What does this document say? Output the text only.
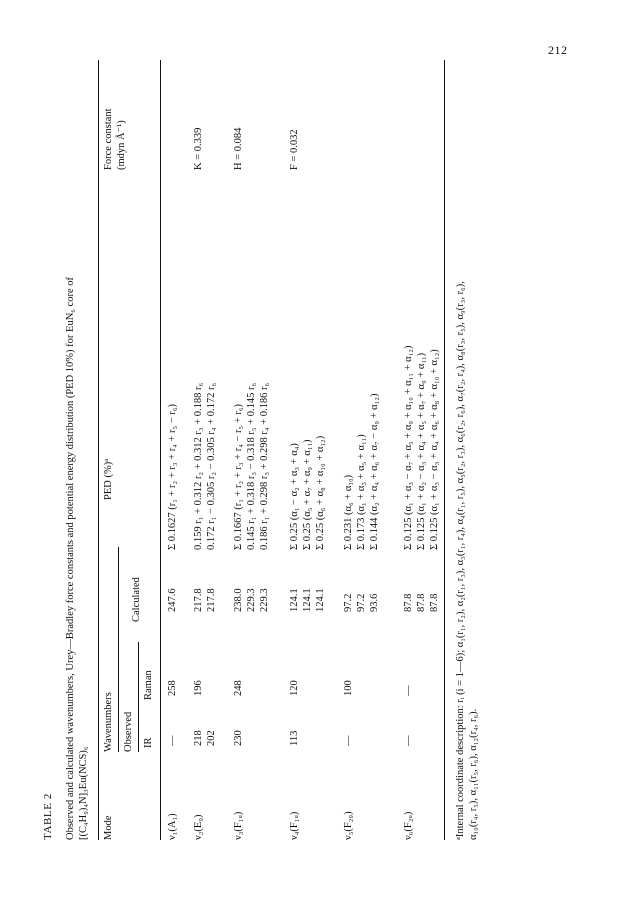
212
TABLE 2 Observed and calculated wavenumbers, Urey—Bradley force constants and potential energy distribution (PED 10%) for EuN₆ core of [(C₄H₉)₄N]₃Eu(NCS)₆ Mode
Wavenumbers Observed IR
Raman
Calculated
PED (%)ᵃ
Force constant (mdyn Å⁻¹)
ν₁(A₁)
—
258
247.6
Σ 0.1627 (r₁ + r₂ + r₃ + r₄ + r₅ − r₆)
ν₂(E₉)
218 202
196
217.8 217.8
0.159 r₁ + 0.312 r₂ + 0.312 r₃ + 0.188 r₆ 0.172 r₁ − 0.305 r₂ − 0.305 r₄ + 0.172 r₆
K = 0.339
ν₃(F₁ᵤ)
230
248
238.0 229.3 229.3
Σ 0.1667 (r₁ + r₂ + r₃ + r₄ − r₅ + r₆) 0.145 r₁ + 0.318 r₃ − 0.318 r₅ + 0.145 r₆ 0.186 r₁ + 0.298 r₃ + 0.298 r₄ + 0.186 r₆
H = 0.084
ν₄(F₁ᵤ)
113
120
124.1 124.1 124.1
Σ 0.25 (α₁ − α₂ + α₃ + α₄) Σ 0.25 (α₅ + α₇ + α₉ + α₁₁) Σ 0.25 (α₆ + α₈ + α₁₀ + α₁₂)
F = 0.032
ν₅(F₂₉)
—
100
97.2 97.2 93.6
Σ 0.231 (α₆ + α₁₀) Σ 0.173 (α₁ + α₃ + α₅ + α₁₁) Σ 0.144 (α₂ + α₄ + α₆ + α₇ − α₉ + α₁₂)
ν₆(F₂ᵤ)
—
—
87.8 87.8 87.8
Σ 0.125 (α₁ + α₃ − α₇ + α₅ + α₉ + α₁₀ + α₁₁ + α₁₂) Σ 0.125 (α₁ + α₂ − α₃ + α₄ + α₅ + α₇ + α₉ + α₁₁) Σ 0.125 (α₁ + α₃ − α₃ + α₄ + α₆ + α₈ + α₁₀ + α₁₂) ᵃInternal coordinate description: rᵢ (i = 1—6); α₁(r₁, r₂), α₂(r₁, r₃), α₃(r₁, r₄), α₄(r₁, r₅), α₅(r₂, r₃), α₆(r₂, r₆), α₇(r₂, r₄), α₈(r₃, r₅), α₉(r₃, r₆), α₁₀(r₄, r₅), α₁₁(r₅, r₆), α₁₂(r₄, r₆).
